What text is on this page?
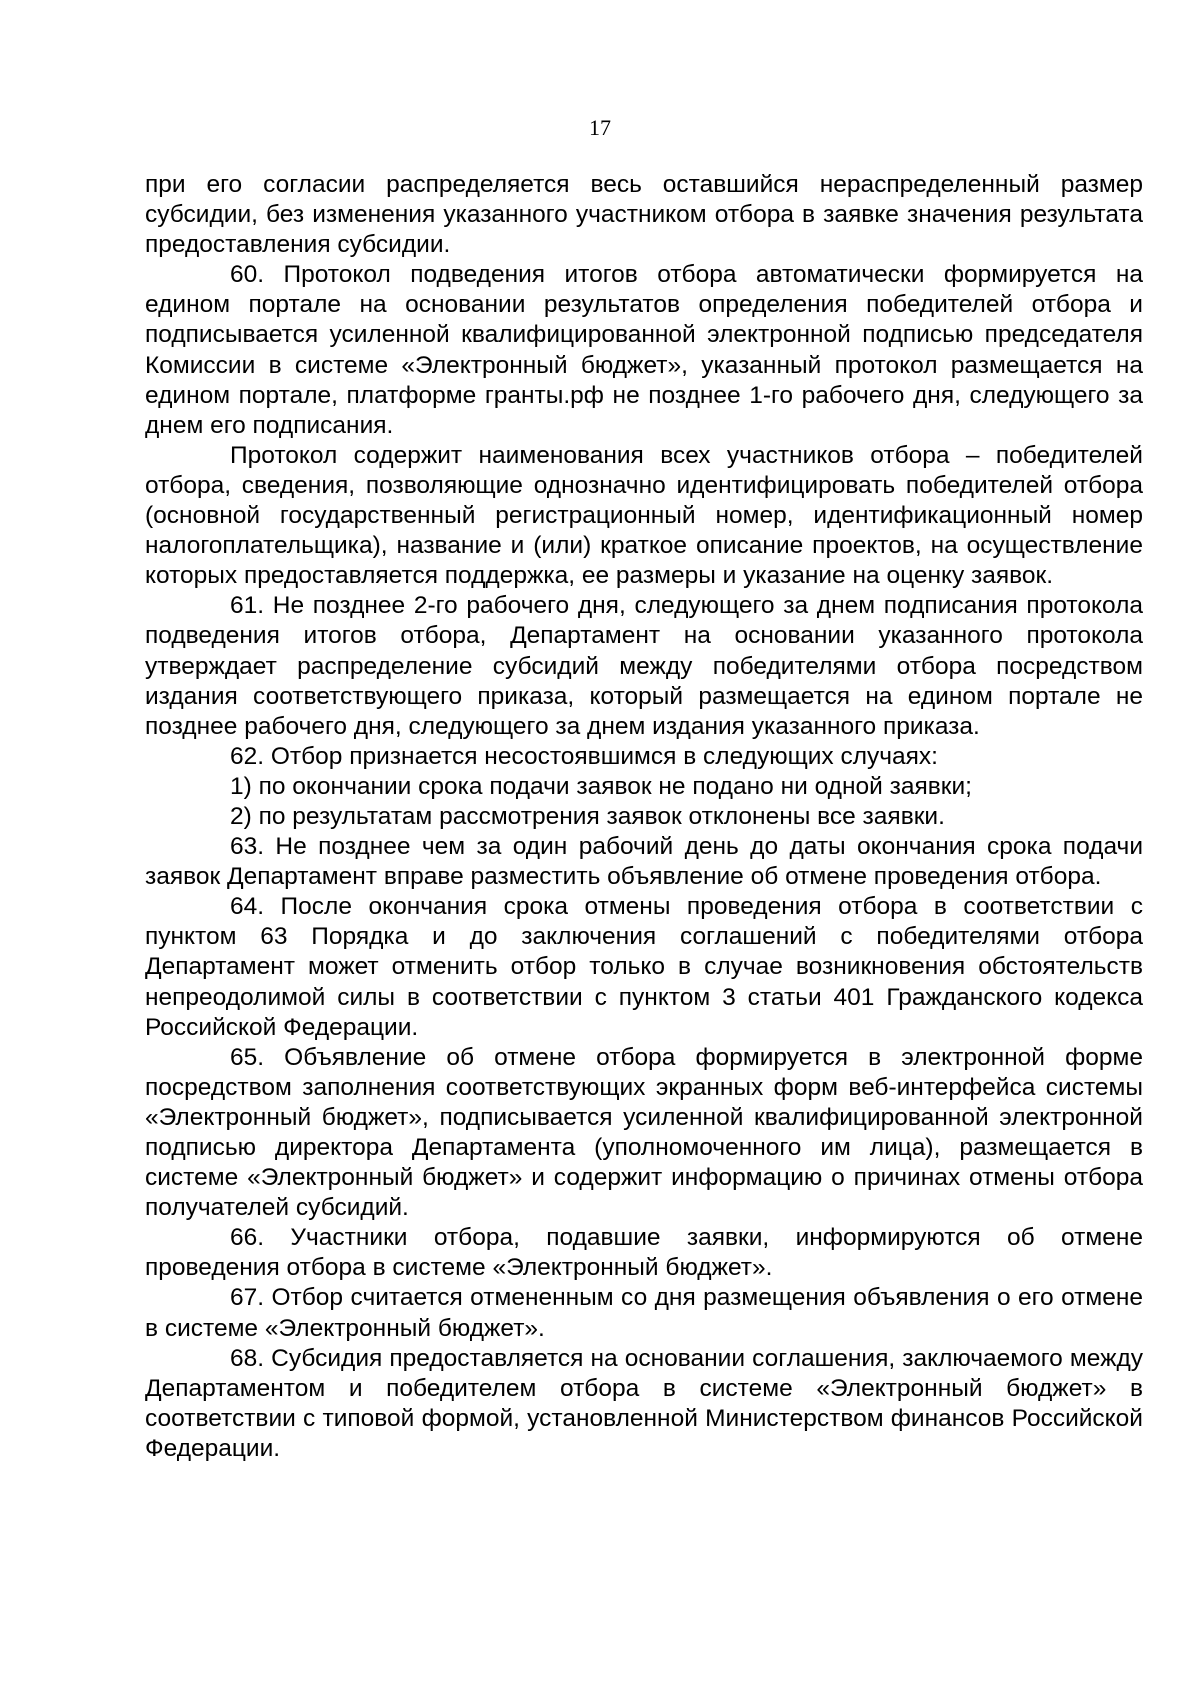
17

при его согласии распределяется весь оставшийся нераспределенный размер субсидии, без изменения указанного участником отбора в заявке значения результата предоставления субсидии.

60. Протокол подведения итогов отбора автоматически формируется на едином портале на основании результатов определения победителей отбора и подписывается усиленной квалифицированной электронной подписью председателя Комиссии в системе «Электронный бюджет», указанный протокол размещается на едином портале, платформе гранты.рф не позднее 1-го рабочего дня, следующего за днем его подписания.

Протокол содержит наименования всех участников отбора – победителей отбора, сведения, позволяющие однозначно идентифицировать победителей отбора (основной государственный регистрационный номер, идентификационный номер налогоплательщика), название и (или) краткое описание проектов, на осуществление которых предоставляется поддержка, ее размеры и указание на оценку заявок.

61. Не позднее 2-го рабочего дня, следующего за днем подписания протокола подведения итогов отбора, Департамент на основании указанного протокола утверждает распределение субсидий между победителями отбора посредством издания соответствующего приказа, который размещается на едином портале не позднее рабочего дня, следующего за днем издания указанного приказа.

62. Отбор признается несостоявшимся в следующих случаях:

1) по окончании срока подачи заявок не подано ни одной заявки;

2) по результатам рассмотрения заявок отклонены все заявки.

63. Не позднее чем за один рабочий день до даты окончания срока подачи заявок Департамент вправе разместить объявление об отмене проведения отбора.

64. После окончания срока отмены проведения отбора в соответствии с пунктом 63 Порядка и до заключения соглашений с победителями отбора Департамент может отменить отбор только в случае возникновения обстоятельств непреодолимой силы в соответствии с пунктом 3 статьи 401 Гражданского кодекса Российской Федерации.

65. Объявление об отмене отбора формируется в электронной форме посредством заполнения соответствующих экранных форм веб-интерфейса системы «Электронный бюджет», подписывается усиленной квалифицированной электронной подписью директора Департамента (уполномоченного им лица), размещается в системе «Электронный бюджет» и содержит информацию о причинах отмены отбора получателей субсидий.

66. Участники отбора, подавшие заявки, информируются об отмене проведения отбора в системе «Электронный бюджет».

67. Отбор считается отмененным со дня размещения объявления о его отмене в системе «Электронный бюджет».

68. Субсидия предоставляется на основании соглашения, заключаемого между Департаментом и победителем отбора в системе «Электронный бюджет» в соответствии с типовой формой, установленной Министерством финансов Российской Федерации.
